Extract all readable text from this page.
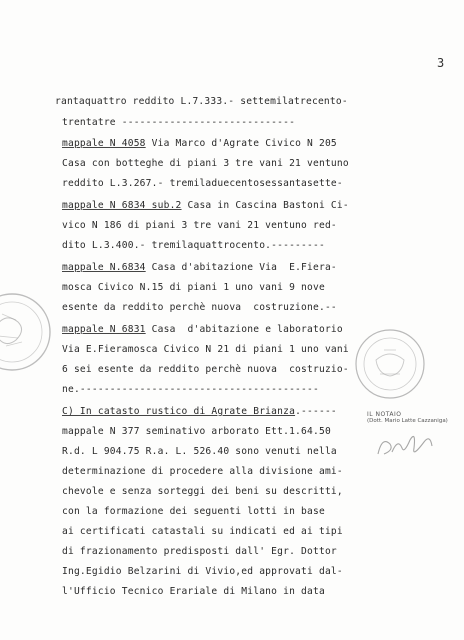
3
rantaquattro reddito L.7.333.- settemilatrecento-
trentatre -----------------------------
mappale N 4058 Via Marco d'Agrate Civico N 205
Casa con botteghe di piani 3 tre vani 21 ventuno
reddito L.3.267.- tremiladuecentosessantasette-
mappale N 6834 sub.2 Casa in Cascina Bastoni Ci-
vico N 186 di piani 3 tre vani 21 ventuno red-
dito L.3.400.- tremilaquattrocento.---------
mappale N.6834 Casa d'abitazione Via  E.Fiera-
mosca Civico N.15 di piani 1 uno vani 9 nove
esente da reddito perchè nuova  costruzione.--
mappale N 6831 Casa  d'abitazione e laboratorio
Via E.Fieramosca Civico N 21 di piani 1 uno vani
6 sei esente da reddito perchè nuova  costruzio-
ne.----------------------------------------
C) In catasto rustico di Agrate Brianza.------
mappale N 377 seminativo arborato Ett.1.64.50
R.d. L 904.75 R.a. L. 526.40 sono venuti nella
determinazione di procedere alla divisione ami-
chevole e senza sorteggi dei beni su descritti,
con la formazione dei seguenti lotti in base
ai certificati catastali su indicati ed ai tipi
di frazionamento predisposti dall' Egr. Dottor
Ing.Egidio Belzarini di Vivio,ed approvati dal-
l'Ufficio Tecnico Erariale di Milano in data
IL NOTAIO
(Dott. Mario Latte Cazzaniga)
